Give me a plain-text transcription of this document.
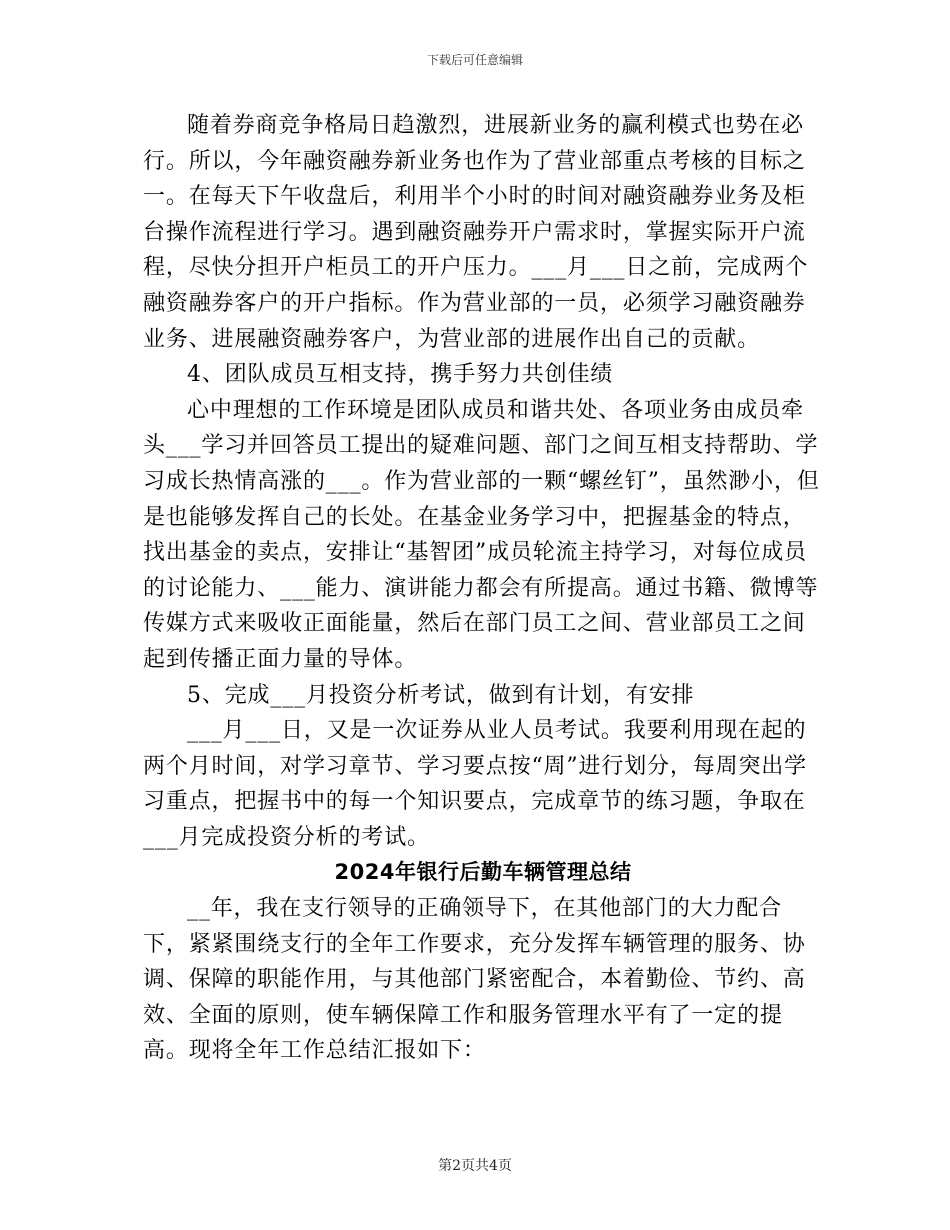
下载后可任意编辑

随着券商竞争格局日趋激烈，进展新业务的赢利模式也势在必行。所以，今年融资融券新业务也作为了营业部重点考核的目标之一。在每天下午收盘后，利用半个小时的时间对融资融券业务及柜台操作流程进行学习。遇到融资融券开户需求时，掌握实际开户流程，尽快分担开户柜员工的开户压力。___月___日之前，完成两个融资融券客户的开户指标。作为营业部的一员，必须学习融资融券业务、进展融资融券客户，为营业部的进展作出自己的贡献。

4、团队成员互相支持，携手努力共创佳绩

心中理想的工作环境是团队成员和谐共处、各项业务由成员牵头___学习并回答员工提出的疑难问题、部门之间互相支持帮助、学习成长热情高涨的___。作为营业部的一颗“螺丝钉”，虽然渺小，但是也能够发挥自己的长处。在基金业务学习中，把握基金的特点，找出基金的卖点，安排让“基智团”成员轮流主持学习，对每位成员的讨论能力、___能力、演讲能力都会有所提高。通过书籍、微博等传媒方式来吸收正面能量，然后在部门员工之间、营业部员工之间起到传播正面力量的导体。

5、完成___月投资分析考试，做到有计划，有安排

___月___日，又是一次证券从业人员考试。我要利用现在起的两个月时间，对学习章节、学习要点按“周”进行划分，每周突出学习重点，把握书中的每一个知识要点，完成章节的练习题，争取在___月完成投资分析的考试。

2024年银行后勤车辆管理总结

__年，我在支行领导的正确领导下，在其他部门的大力配合下，紧紧围绕支行的全年工作要求，充分发挥车辆管理的服务、协调、保障的职能作用，与其他部门紧密配合，本着勤俭、节约、高效、全面的原则，使车辆保障工作和服务管理水平有了一定的提高。现将全年工作总结汇报如下：

第2页共4页
